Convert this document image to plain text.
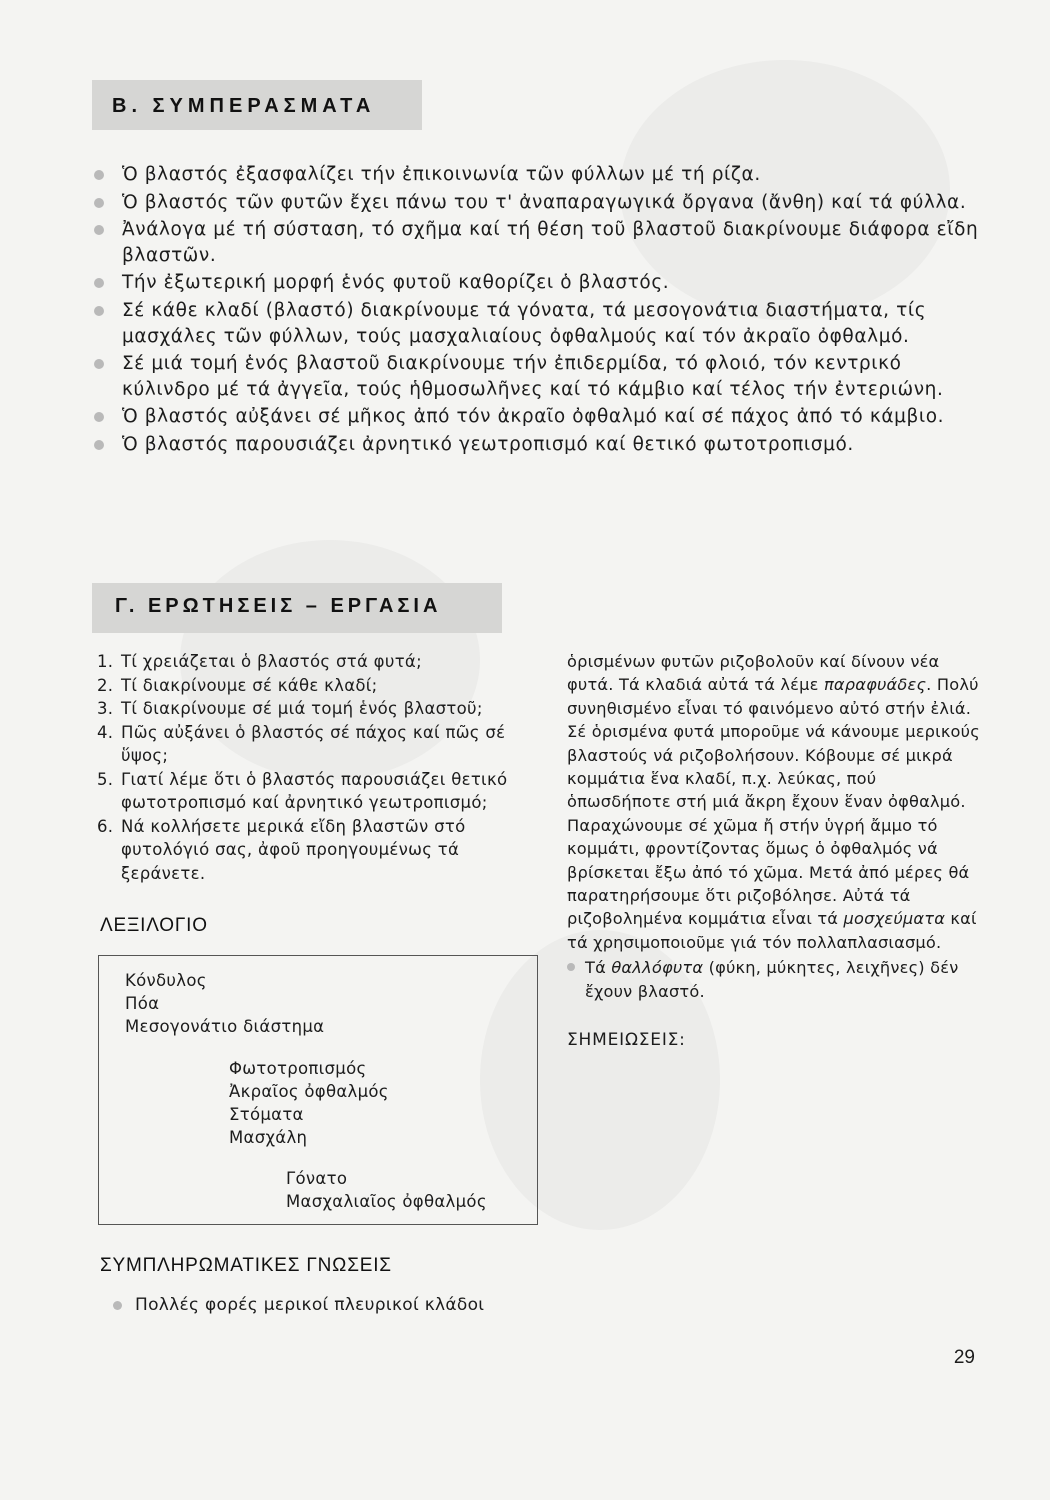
Β. ΣΥΜΠΕΡΑΣΜΑΤΑ
Ὁ βλαστός ἐξασφαλίζει τήν ἐπικοινωνία τῶν φύλλων μέ τή ρίζα.
Ὁ βλαστός τῶν φυτῶν ἔχει πάνω του τ' ἀναπαραγωγικά ὄργανα (ἄνθη) καί τά φύλλα.
Ἀνάλογα μέ τή σύσταση, τό σχῆμα καί τή θέση τοῦ βλαστοῦ διακρίνουμε διάφορα εἴδη βλαστῶν.
Τήν ἐξωτερική μορφή ἑνός φυτοῦ καθορίζει ὁ βλαστός.
Σέ κάθε κλαδί (βλαστό) διακρίνουμε τά γόνατα, τά μεσογονάτια διαστήματα, τίς μασχάλες τῶν φύλλων, τούς μασχαλιαίους ὀφθαλμούς καί τόν ἀκραῖο ὀφθαλμό.
Σέ μιά τομή ἑνός βλαστοῦ διακρίνουμε τήν ἐπιδερμίδα, τό φλοιό, τόν κεντρικό κύλινδρο μέ τά ἀγγεῖα, τούς ἡθμοσωλῆνες καί τό κάμβιο καί τέλος τήν ἐντεριώνη.
Ὁ βλαστός αὐξάνει σέ μῆκος ἀπό τόν ἀκραῖο ὀφθαλμό καί σέ πάχος ἀπό τό κάμβιο.
Ὁ βλαστός παρουσιάζει ἀρνητικό γεωτροπισμό καί θετικό φωτοτροπισμό.
Γ. ΕΡΩΤΗΣΕΙΣ – ΕΡΓΑΣΙΑ
1. Τί χρειάζεται ὁ βλαστός στά φυτά;
2. Τί διακρίνουμε σέ κάθε κλαδί;
3. Τί διακρίνουμε σέ μιά τομή ἑνός βλαστοῦ;
4. Πῶς αὐξάνει ὁ βλαστός σέ πάχος καί πῶς σέ ὕψος;
5. Γιατί λέμε ὅτι ὁ βλαστός παρουσιάζει θετικό φωτοτροπισμό καί ἀρνητικό γεωτροπισμό;
6. Νά κολλήσετε μερικά εἴδη βλαστῶν στό φυτολόγιό σας, ἀφοῦ προηγουμένως τά ξεράνετε.
ΛΕΞΙΛΟΓΙΟ
Κόνδυλος
Πόα
Μεσογονάτιο διάστημα
Φωτοτροπισμός
Ἀκραῖος ὀφθαλμός
Στόματα
Μασχάλη
Γόνατο
Μασχαλιαῖος ὀφθαλμός
ΣΥΜΠΛΗΡΩΜΑΤΙΚΕΣ ΓΝΩΣΕΙΣ
Πολλές φορές μερικοί πλευρικοί κλάδοι

ὁρισμένων φυτῶν ριζοβολοῦν καί δίνουν νέα φυτά. Τά κλαδιά αὐτά τά λέμε παραφυάδες. Πολύ συνηθισμένο εἶναι τό φαινόμενο αὐτό στήν ἐλιά. Σέ ὁρισμένα φυτά μποροῦμε νά κάνουμε μερικούς βλαστούς νά ριζοβολήσουν. Κόβουμε σέ μικρά κομμάτια ἕνα κλαδί, π.χ. λεύκας, πού ὁπωσδήποτε στή μιά ἄκρη ἔχουν ἕναν ὀφθαλμό. Παραχώνουμε σέ χῶμα ἤ στήν ὑγρή ἄμμο τό κομμάτι, φροντίζοντας ὅμως ὁ ὀφθαλμός νά βρίσκεται ἔξω ἀπό τό χῶμα. Μετά ἀπό μέρες θά παρατηρήσουμε ὅτι ριζοβόλησε. Αὐτά τά ριζοβολημένα κομμάτια εἶναι τά μοσχεύματα καί τά χρησιμοποιοῦμε γιά τόν πολλαπλασιασμό.

Τά θαλλόφυτα (φύκη, μύκητες, λειχῆνες) δέν ἔχουν βλαστό.

ΣΗΜΕΙΩΣΕΙΣ:

29
